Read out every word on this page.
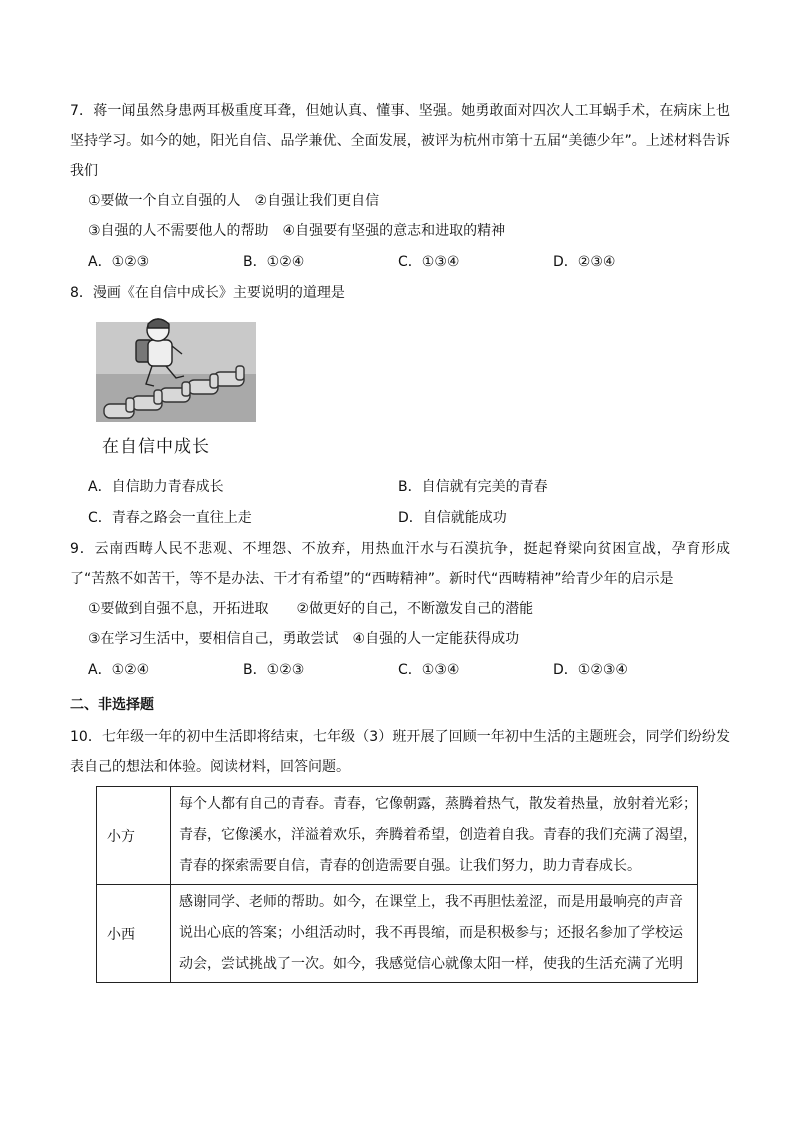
7．蒋一闻虽然身患两耳极重度耳聋，但她认真、懂事、坚强。她勇敢面对四次人工耳蜗手术，在病床上也坚持学习。如今的她，阳光自信、品学兼优、全面发展，被评为杭州市第十五届“美德少年”。上述材料告诉我们

①要做一个自立自强的人　②自强让我们更自信

③自强的人不需要他人的帮助　④自强要有坚强的意志和进取的精神

A．①②③	B．①②④	C．①③④	D．②③④

8．漫画《在自信中成长》主要说明的道理是

在自信中成长
A．自信助力青春成长	B．自信就有完美的青春
C．青春之路会一直往上走	D．自信就能成功

9．云南西畴人民不悲观、不埋怨、不放弃，用热血汗水与石漠抗争，挺起脊梁向贫困宣战，孕育形成了“苦熬不如苦干，等不是办法、干才有希望”的“西畴精神”。新时代“西畴精神”给青少年的启示是

①要做到自强不息，开拓进取　　②做更好的自己，不断激发自己的潜能

③在学习生活中，要相信自己，勇敢尝试　④自强的人一定能获得成功

A．①②④	B．①②③	C．①③④	D．①②③④

二、非选择题

10．七年级一年的初中生活即将结束，七年级（3）班开展了回顾一年初中生活的主题班会，同学们纷纷发表自己的想法和体验。阅读材料，回答问题。

小方	每个人都有自己的青春。青春，它像朝露，蒸腾着热气，散发着热量，放射着光彩；
青春，它像溪水，洋溢着欢乐，奔腾着希望，创造着自我。青春的我们充满了渴望，
青春的探索需要自信，青春的创造需要自强。让我们努力，助力青春成长。

小西	感谢同学、老师的帮助。如今，在课堂上，我不再胆怯羞涩，而是用最响亮的声音
说出心底的答案；小组活动时，我不再畏缩，而是积极参与；还报名参加了学校运
动会，尝试挑战了一次。如今，我感觉信心就像太阳一样，使我的生活充满了光明
